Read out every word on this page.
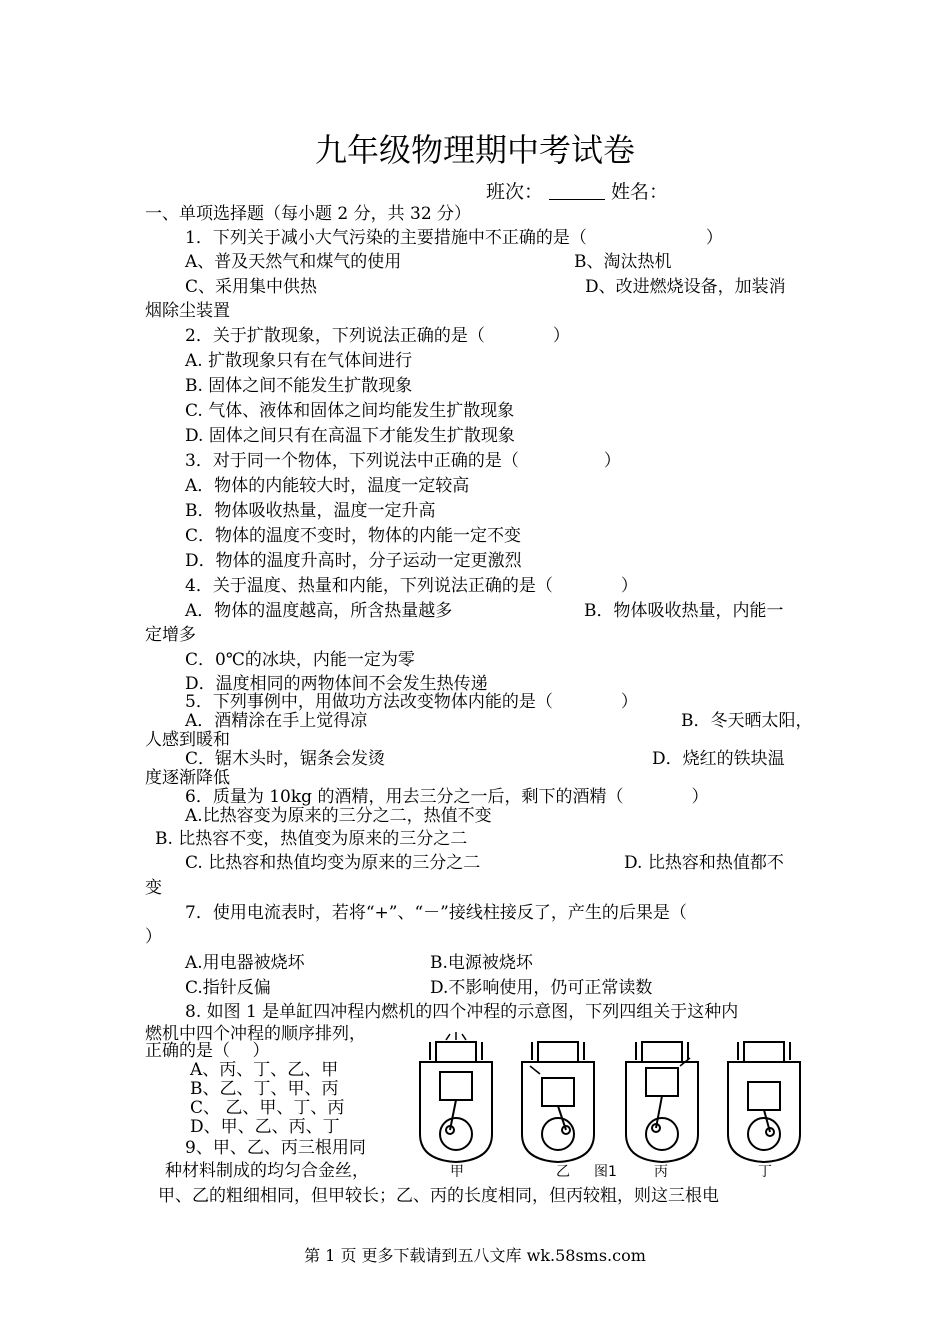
九年级物理期中考试卷
班次：	姓名：
一、单项选择题（每小题 2 分，共 32 分）
1．下列关于减小大气污染的主要措施中不正确的是（　　　　　　　）
A、普及天然气和煤气的使用	B、淘汰热机
C、采用集中供热	D、改进燃烧设备，加装消
烟除尘装置
2．关于扩散现象，下列说法正确的是（　　　　）
A. 扩散现象只有在气体间进行
B. 固体之间不能发生扩散现象
C. 气体、液体和固体之间均能发生扩散现象
D. 固体之间只有在高温下才能发生扩散现象
3．对于同一个物体，下列说法中正确的是（　　　　　）
A．物体的内能较大时，温度一定较高
B．物体吸收热量，温度一定升高
C．物体的温度不变时，物体的内能一定不变
D．物体的温度升高时，分子运动一定更激烈
4．关于温度、热量和内能，下列说法正确的是（　　　　）
A．物体的温度越高，所含热量越多	B．物体吸收热量，内能一
定增多
C．0℃的冰块，内能一定为零
D．温度相同的两物体间不会发生热传递
5．下列事例中，用做功方法改变物体内能的是（　　　　）
A．酒精涂在手上觉得凉	B．冬天晒太阳，
人感到暖和
C．锯木头时，锯条会发烫	D．烧红的铁块温
度逐渐降低
6．质量为 10kg 的酒精，用去三分之一后，剩下的酒精（　　　　）
A.比热容变为原来的三分之二，热值不变
B. 比热容不变，热值变为原来的三分之二
C. 比热容和热值均变为原来的三分之二	D. 比热容和热值都不
变
7．使用电流表时，若将“+”、“－”接线柱接反了，产生的后果是（
）
A.用电器被烧坏	B.电源被烧坏
C.指针反偏	D.不影响使用，仍可正常读数
8. 如图 1 是单缸四冲程内燃机的四个冲程的示意图，下列四组关于这种内
燃机中四个冲程的顺序排列，
正确的是（　 ）
A、丙、丁、乙、甲
B、乙、丁、甲、丙
C、 乙、甲、丁、丙
D、甲、乙、丙、丁
9、甲、乙、丙三根用同
种材料制成的均匀合金丝，
甲、乙的粗细相同，但甲较长；乙、丙的长度相同，但丙较粗，则这三根电
甲	乙 图1	丙	丁
第 1 页 更多下载请到五八文库 wk.58sms.com
